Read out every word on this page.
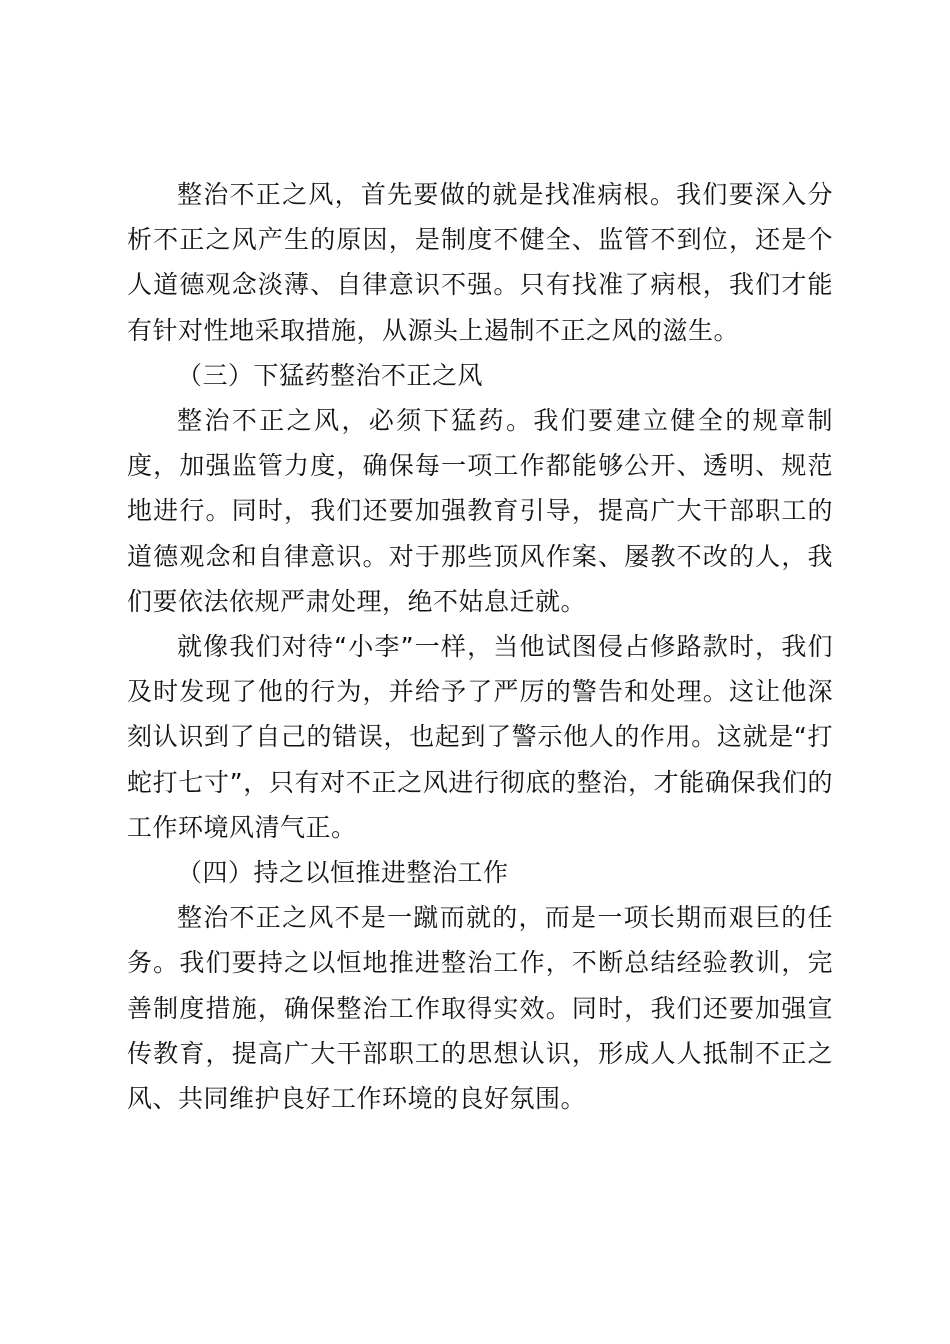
整治不正之风，首先要做的就是找准病根。我们要深入分析不正之风产生的原因，是制度不健全、监管不到位，还是个人道德观念淡薄、自律意识不强。只有找准了病根，我们才能有针对性地采取措施，从源头上遏制不正之风的滋生。

（三）下猛药整治不正之风

整治不正之风，必须下猛药。我们要建立健全的规章制度，加强监管力度，确保每一项工作都能够公开、透明、规范地进行。同时，我们还要加强教育引导，提高广大干部职工的道德观念和自律意识。对于那些顶风作案、屡教不改的人，我们要依法依规严肃处理，绝不姑息迁就。

就像我们对待“小李”一样，当他试图侵占修路款时，我们及时发现了他的行为，并给予了严厉的警告和处理。这让他深刻认识到了自己的错误，也起到了警示他人的作用。这就是“打蛇打七寸”，只有对不正之风进行彻底的整治，才能确保我们的工作环境风清气正。

（四）持之以恒推进整治工作

整治不正之风不是一蹴而就的，而是一项长期而艰巨的任务。我们要持之以恒地推进整治工作，不断总结经验教训，完善制度措施，确保整治工作取得实效。同时，我们还要加强宣传教育，提高广大干部职工的思想认识，形成人人抵制不正之风、共同维护良好工作环境的良好氛围。
